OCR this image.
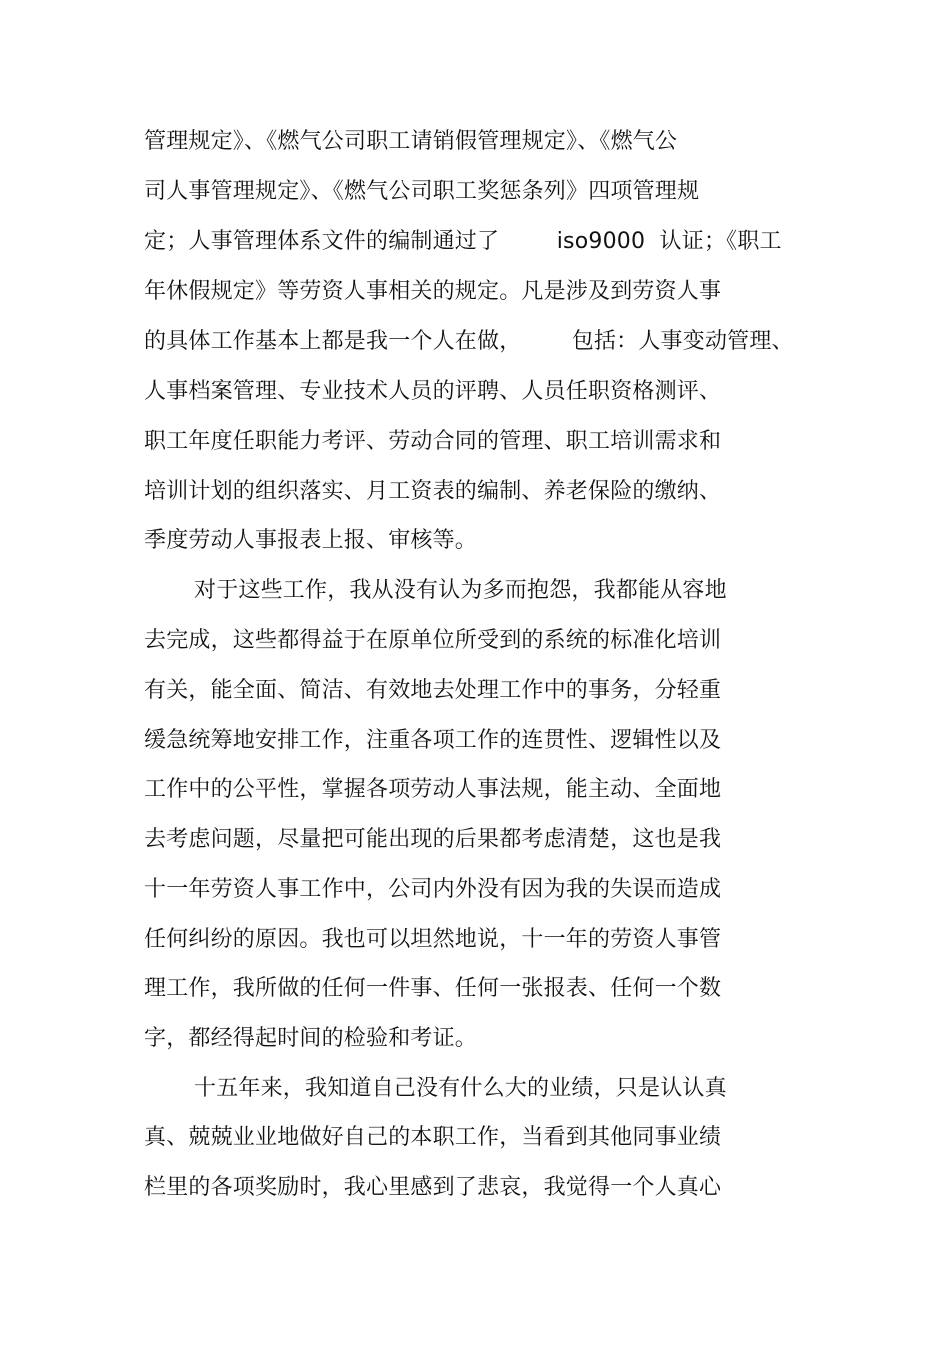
管理规定》、《燃气公司职工请销假管理规定》、《燃气公
司人事管理规定》、《燃气公司职工奖惩条列》四项管理规
定；人事管理体系文件的编制通过了        iso9000  认证；《职工
年休假规定》等劳资人事相关的规定。凡是涉及到劳资人事
的具体工作基本上都是我一个人在做，       包括：人事变动管理、
人事档案管理、专业技术人员的评聘、人员任职资格测评、
职工年度任职能力考评、劳动合同的管理、职工培训需求和
培训计划的组织落实、月工资表的编制、养老保险的缴纳、
季度劳动人事报表上报、审核等。
对于这些工作，我从没有认为多而抱怨，我都能从容地
去完成，这些都得益于在原单位所受到的系统的标准化培训
有关，能全面、简洁、有效地去处理工作中的事务，分轻重
缓急统筹地安排工作，注重各项工作的连贯性、逻辑性以及
工作中的公平性，掌握各项劳动人事法规，能主动、全面地
去考虑问题，尽量把可能出现的后果都考虑清楚，这也是我
十一年劳资人事工作中，公司内外没有因为我的失误而造成
任何纠纷的原因。我也可以坦然地说，十一年的劳资人事管
理工作，我所做的任何一件事、任何一张报表、任何一个数
字，都经得起时间的检验和考证。
十五年来，我知道自己没有什么大的业绩，只是认认真
真、兢兢业业地做好自己的本职工作，当看到其他同事业绩
栏里的各项奖励时，我心里感到了悲哀，我觉得一个人真心
